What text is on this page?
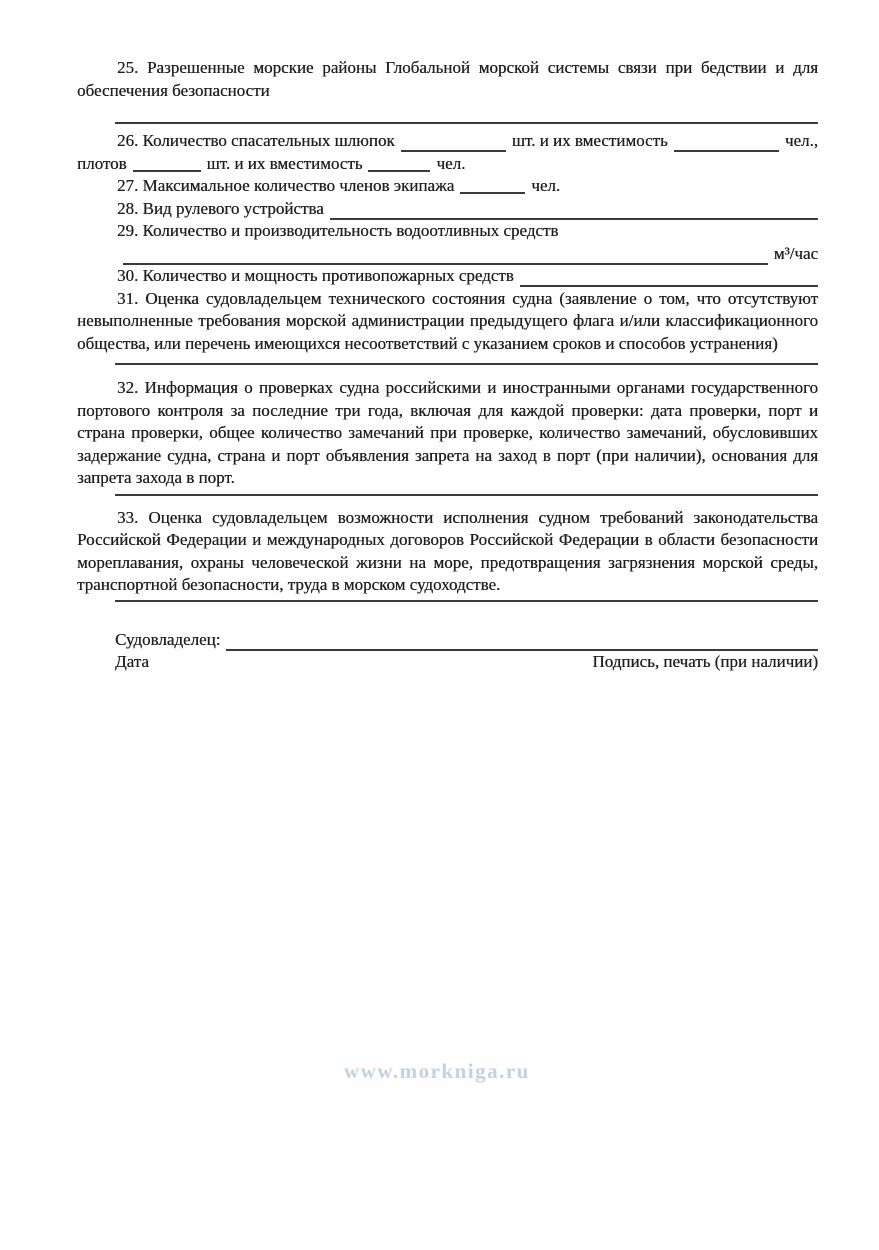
25. Разрешенные морские районы Глобальной морской системы связи при бедствии и для обеспечения безопасности

26. Количество спасательных шлюпок	шт. и их вместимость	чел.,

плотов	шт. и их вместимость	чел.

27. Максимальное количество членов экипажа	чел.

28. Вид рулевого устройства

29. Количество и производительность водоотливных средств

м³/час
30. Количество и мощность противопожарных средств

31. Оценка судовладельцем технического состояния судна (заявление о том, что отсутствуют невыполненные требования морской администрации предыдущего флага и/или классификационного общества, или перечень имеющихся несоответствий с указанием сроков и способов устранения)

32. Информация о проверках судна российскими и иностранными органами государственного портового контроля за последние три года, включая для каждой проверки: дата проверки, порт и страна проверки, общее количество замечаний при проверке, количество замечаний, обусловивших задержание судна, страна и порт объявления запрета на заход в порт (при наличии), основания для запрета захода в порт.

33. Оценка судовладельцем возможности исполнения судном требований законодательства Российской Федерации и международных договоров Российской Федерации в области безопасности мореплавания, охраны человеческой жизни на море, предотвращения загрязнения морской среды, транспортной безопасности, труда в морском судоходстве.

Судовладелец:
Дата	Подпись, печать (при наличии)
www.morkniga.ru
